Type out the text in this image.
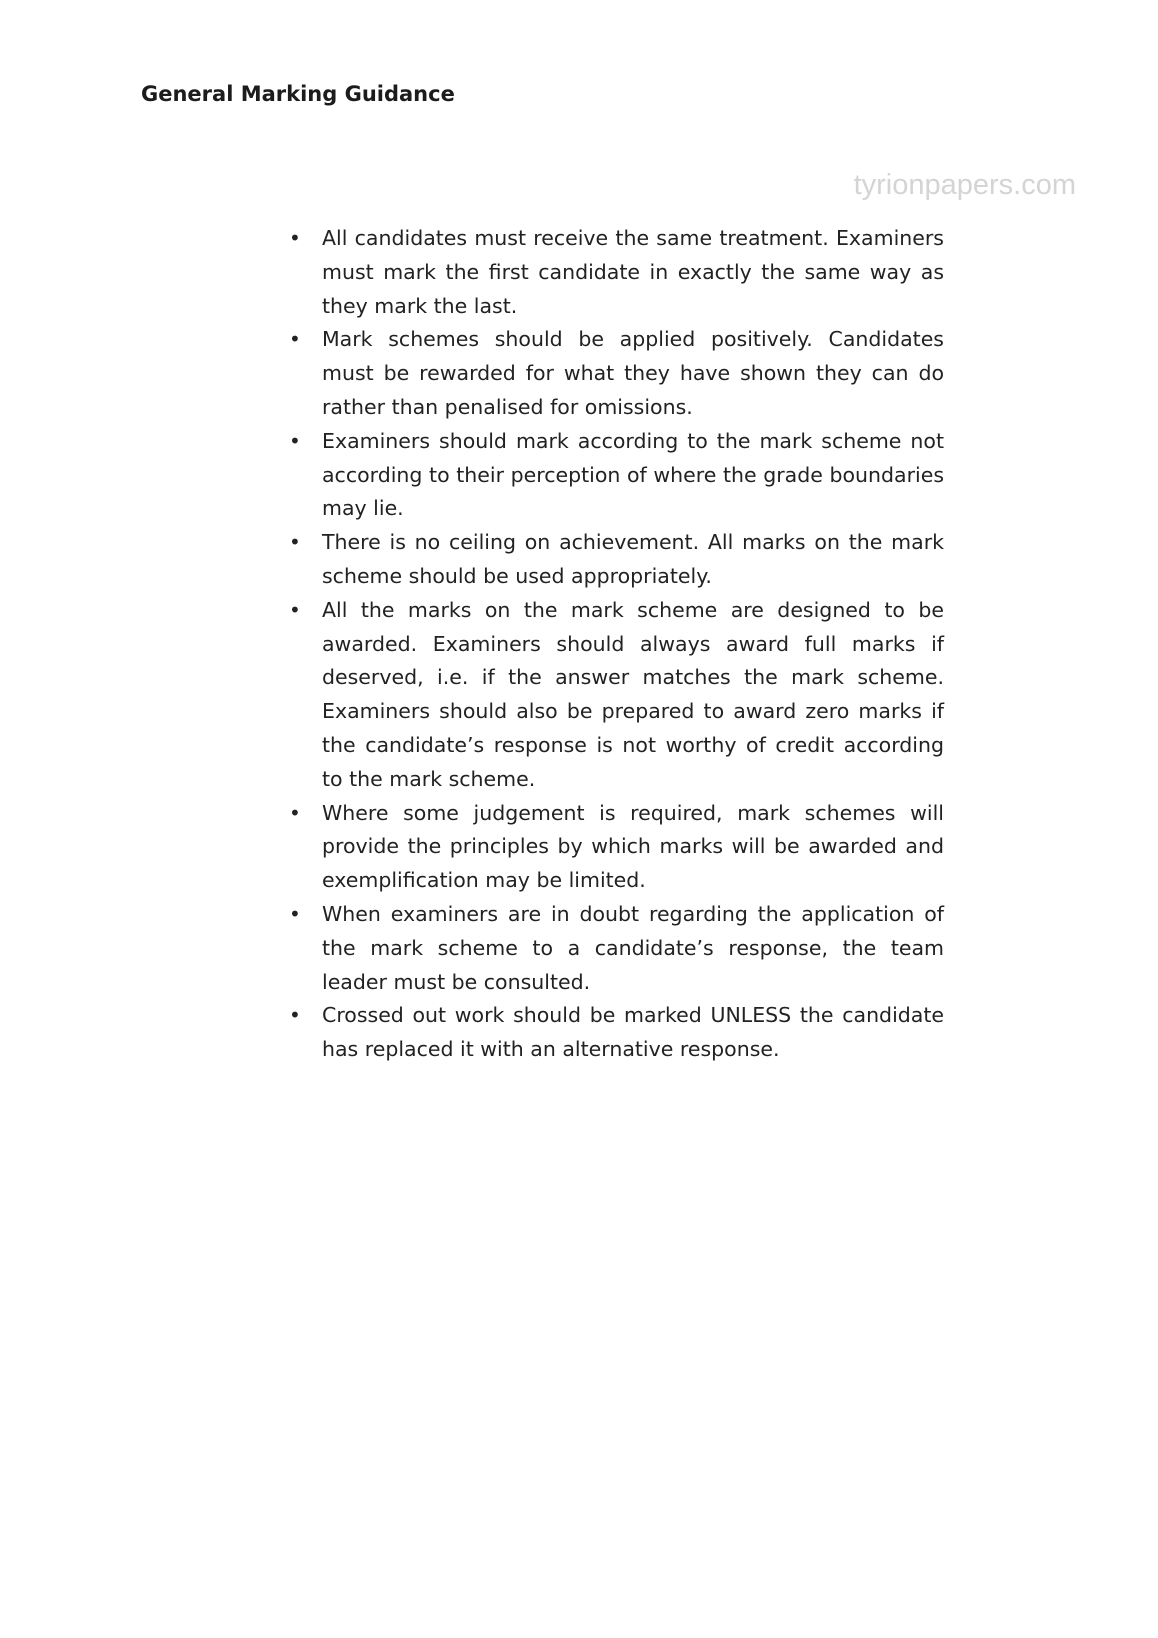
General Marking Guidance
tyrionpapers.com
• All candidates must receive the same treatment. Examiners must mark the first candidate in exactly the same way as they mark the last.
• Mark schemes should be applied positively. Candidates must be rewarded for what they have shown they can do rather than penalised for omissions.
• Examiners should mark according to the mark scheme not according to their perception of where the grade boundaries may lie.
• There is no ceiling on achievement. All marks on the mark scheme should be used appropriately.
• All the marks on the mark scheme are designed to be awarded. Examiners should always award full marks if deserved, i.e. if the answer matches the mark scheme. Examiners should also be prepared to award zero marks if the candidate’s response is not worthy of credit according to the mark scheme.
• Where some judgement is required, mark schemes will provide the principles by which marks will be awarded and exemplification may be limited.
• When examiners are in doubt regarding the application of the mark scheme to a candidate’s response, the team leader must be consulted.
• Crossed out work should be marked UNLESS the candidate has replaced it with an alternative response.
